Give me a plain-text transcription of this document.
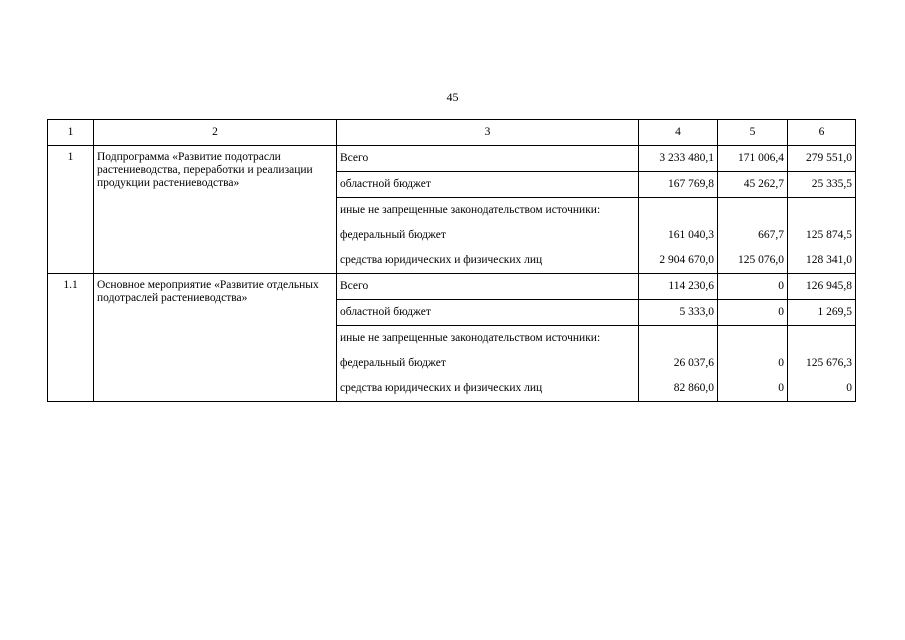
45
1	2	3	4	5	6
1	Подпрограмма «Развитие подотрасли растениеводства, переработки и реализации продукции растениеводства»	Всего	3 233 480,1	171 006,4	279 551,0
		областной бюджет	167 769,8	45 262,7	25 335,5
		иные не запрещенные законодательством источники:			
		федеральный бюджет	161 040,3	667,7	125 874,5
		средства юридических и физических лиц	2 904 670,0	125 076,0	128 341,0
1.1	Основное мероприятие «Развитие отдельных подотраслей растениеводства»	Всего	114 230,6	0	126 945,8
		областной бюджет	5 333,0	0	1 269,5
		иные не запрещенные законодательством источники:			
		федеральный бюджет	26 037,6	0	125 676,3
		средства юридических и физических лиц	82 860,0	0	0
